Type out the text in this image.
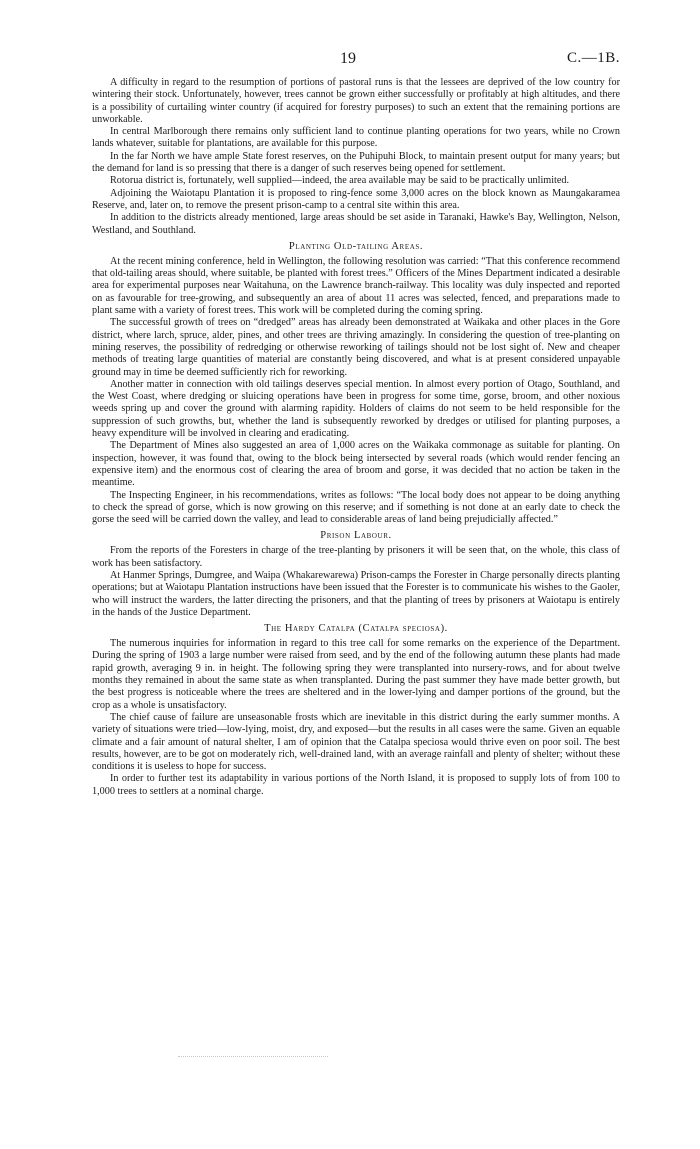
19	C.—1B.

A difficulty in regard to the resumption of portions of pastoral runs is that the lessees are deprived of the low country for wintering their stock. Unfortunately, however, trees cannot be grown either successfully or profitably at high altitudes, and there is a possibility of curtailing winter country (if acquired for forestry purposes) to such an extent that the remaining portions are unworkable.

In central Marlborough there remains only sufficient land to continue planting operations for two years, while no Crown lands whatever, suitable for plantations, are available for this purpose.

In the far North we have ample State forest reserves, on the Puhipuhi Block, to maintain present output for many years; but the demand for land is so pressing that there is a danger of such reserves being opened for settlement.

Rotorua district is, fortunately, well supplied—indeed, the area available may be said to be practically unlimited.

Adjoining the Waiotapu Plantation it is proposed to ring-fence some 3,000 acres on the block known as Maungakaramea Reserve, and, later on, to remove the present prison-camp to a central site within this area.

In addition to the districts already mentioned, large areas should be set aside in Taranaki, Hawke's Bay, Wellington, Nelson, Westland, and Southland.

Planting Old-tailing Areas.

At the recent mining conference, held in Wellington, the following resolution was carried: “That this conference recommend that old-tailing areas should, where suitable, be planted with forest trees.” Officers of the Mines Department indicated a desirable area for experimental purposes near Waitahuna, on the Lawrence branch-railway. This locality was duly inspected and reported on as favourable for tree-growing, and subsequently an area of about 11 acres was selected, fenced, and preparations made to plant same with a variety of forest trees. This work will be completed during the coming spring.

The successful growth of trees on “dredged” areas has already been demonstrated at Waikaka and other places in the Gore district, where larch, spruce, alder, pines, and other trees are thriving amazingly. In considering the question of tree-planting on mining reserves, the possibility of redredging or otherwise reworking of tailings should not be lost sight of. New and cheaper methods of treating large quantities of material are constantly being discovered, and what is at present considered unpayable ground may in time be deemed sufficiently rich for reworking.

Another matter in connection with old tailings deserves special mention. In almost every portion of Otago, Southland, and the West Coast, where dredging or sluicing operations have been in progress for some time, gorse, broom, and other noxious weeds spring up and cover the ground with alarming rapidity. Holders of claims do not seem to be held responsible for the suppression of such growths, but, whether the land is subsequently reworked by dredges or utilised for planting purposes, a heavy expenditure will be involved in clearing and eradicating.

The Department of Mines also suggested an area of 1,000 acres on the Waikaka commonage as suitable for planting. On inspection, however, it was found that, owing to the block being intersected by several roads (which would render fencing an expensive item) and the enormous cost of clearing the area of broom and gorse, it was decided that no action be taken in the meantime.

The Inspecting Engineer, in his recommendations, writes as follows: “The local body does not appear to be doing anything to check the spread of gorse, which is now growing on this reserve; and if something is not done at an early date to check the gorse the seed will be carried down the valley, and lead to considerable areas of land being prejudicially affected.”

Prison Labour.

From the reports of the Foresters in charge of the tree-planting by prisoners it will be seen that, on the whole, this class of work has been satisfactory.

At Hanmer Springs, Dumgree, and Waipa (Whakarewarewa) Prison-camps the Forester in Charge personally directs planting operations; but at Waiotapu Plantation instructions have been issued that the Forester is to communicate his wishes to the Gaoler, who will instruct the warders, the latter directing the prisoners, and that the planting of trees by prisoners at Waiotapu is entirely in the hands of the Justice Department.

The Hardy Catalpa (Catalpa speciosa).

The numerous inquiries for information in regard to this tree call for some remarks on the experience of the Department. During the spring of 1903 a large number were raised from seed, and by the end of the following autumn these plants had made rapid growth, averaging 9 in. in height. The following spring they were transplanted into nursery-rows, and for about twelve months they remained in about the same state as when transplanted. During the past summer they have made better growth, but the best progress is noticeable where the trees are sheltered and in the lower-lying and damper portions of the ground, but the crop as a whole is unsatisfactory.

The chief cause of failure are unseasonable frosts which are inevitable in this district during the early summer months. A variety of situations were tried—low-lying, moist, dry, and exposed—but the results in all cases were the same. Given an equable climate and a fair amount of natural shelter, I am of opinion that the Catalpa speciosa would thrive even on poor soil. The best results, however, are to be got on moderately rich, well-drained land, with an average rainfall and plenty of shelter; without these conditions it is useless to hope for success.

In order to further test its adaptability in various portions of the North Island, it is proposed to supply lots of from 100 to 1,000 trees to settlers at a nominal charge.
